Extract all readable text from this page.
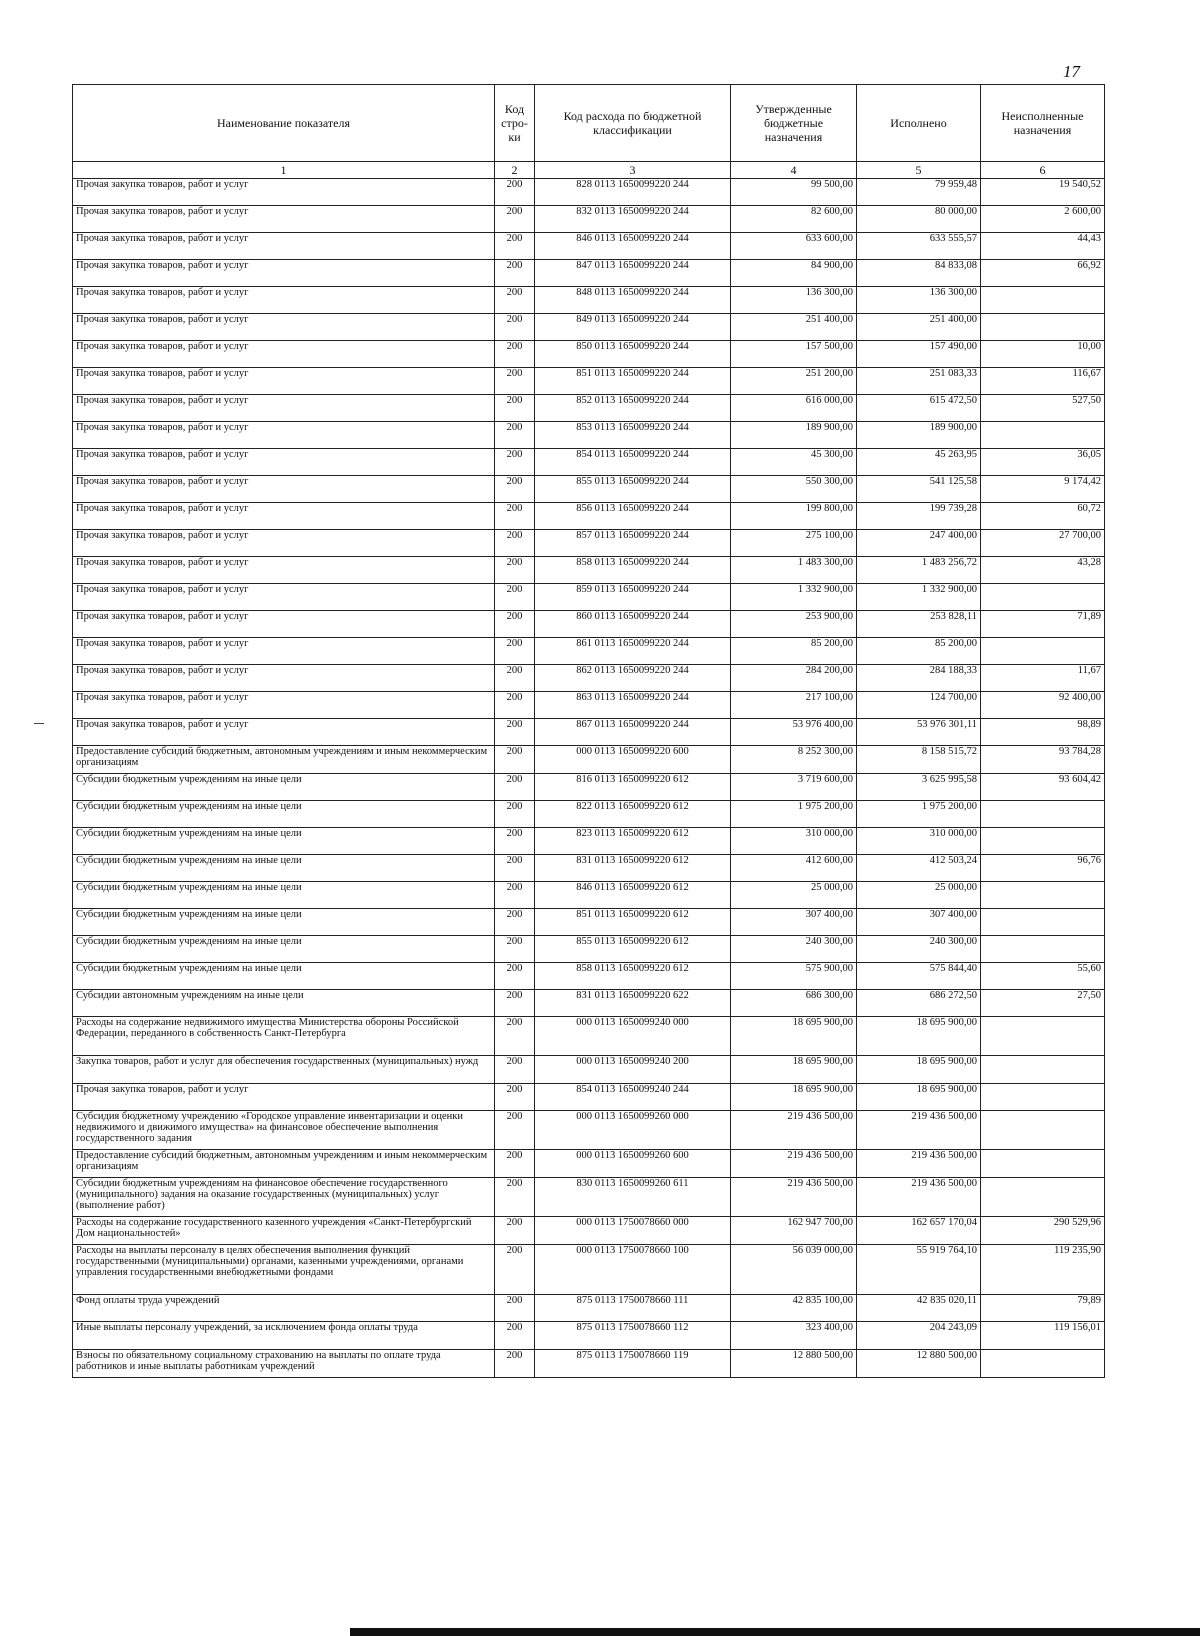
17
Наименование показателя	Код стро-ки	Код расхода по бюджетной классификации	Утвержденные бюджетные назначения	Исполнено	Неисполненные назначения
1	2	3	4	5	6
Прочая закупка товаров, работ и услуг	200	828 0113 1650099220 244	99 500,00	79 959,48	19 540,52
Прочая закупка товаров, работ и услуг	200	832 0113 1650099220 244	82 600,00	80 000,00	2 600,00
Прочая закупка товаров, работ и услуг	200	846 0113 1650099220 244	633 600,00	633 555,57	44,43
Прочая закупка товаров, работ и услуг	200	847 0113 1650099220 244	84 900,00	84 833,08	66,92
Прочая закупка товаров, работ и услуг	200	848 0113 1650099220 244	136 300,00	136 300,00	
Прочая закупка товаров, работ и услуг	200	849 0113 1650099220 244	251 400,00	251 400,00	
Прочая закупка товаров, работ и услуг	200	850 0113 1650099220 244	157 500,00	157 490,00	10,00
Прочая закупка товаров, работ и услуг	200	851 0113 1650099220 244	251 200,00	251 083,33	116,67
Прочая закупка товаров, работ и услуг	200	852 0113 1650099220 244	616 000,00	615 472,50	527,50
Прочая закупка товаров, работ и услуг	200	853 0113 1650099220 244	189 900,00	189 900,00	
Прочая закупка товаров, работ и услуг	200	854 0113 1650099220 244	45 300,00	45 263,95	36,05
Прочая закупка товаров, работ и услуг	200	855 0113 1650099220 244	550 300,00	541 125,58	9 174,42
Прочая закупка товаров, работ и услуг	200	856 0113 1650099220 244	199 800,00	199 739,28	60,72
Прочая закупка товаров, работ и услуг	200	857 0113 1650099220 244	275 100,00	247 400,00	27 700,00
Прочая закупка товаров, работ и услуг	200	858 0113 1650099220 244	1 483 300,00	1 483 256,72	43,28
Прочая закупка товаров, работ и услуг	200	859 0113 1650099220 244	1 332 900,00	1 332 900,00	
Прочая закупка товаров, работ и услуг	200	860 0113 1650099220 244	253 900,00	253 828,11	71,89
Прочая закупка товаров, работ и услуг	200	861 0113 1650099220 244	85 200,00	85 200,00	
Прочая закупка товаров, работ и услуг	200	862 0113 1650099220 244	284 200,00	284 188,33	11,67
Прочая закупка товаров, работ и услуг	200	863 0113 1650099220 244	217 100,00	124 700,00	92 400,00
Прочая закупка товаров, работ и услуг	200	867 0113 1650099220 244	53 976 400,00	53 976 301,11	98,89
Предоставление субсидий бюджетным, автономным учреждениям и иным некоммерческим организациям	200	000 0113 1650099220 600	8 252 300,00	8 158 515,72	93 784,28
Субсидии бюджетным учреждениям на иные цели	200	816 0113 1650099220 612	3 719 600,00	3 625 995,58	93 604,42
Субсидии бюджетным учреждениям на иные цели	200	822 0113 1650099220 612	1 975 200,00	1 975 200,00	
Субсидии бюджетным учреждениям на иные цели	200	823 0113 1650099220 612	310 000,00	310 000,00	
Субсидии бюджетным учреждениям на иные цели	200	831 0113 1650099220 612	412 600,00	412 503,24	96,76
Субсидии бюджетным учреждениям на иные цели	200	846 0113 1650099220 612	25 000,00	25 000,00	
Субсидии бюджетным учреждениям на иные цели	200	851 0113 1650099220 612	307 400,00	307 400,00	
Субсидии бюджетным учреждениям на иные цели	200	855 0113 1650099220 612	240 300,00	240 300,00	
Субсидии бюджетным учреждениям на иные цели	200	858 0113 1650099220 612	575 900,00	575 844,40	55,60
Субсидии автономным учреждениям на иные цели	200	831 0113 1650099220 622	686 300,00	686 272,50	27,50
Расходы на содержание недвижимого имущества Министерства обороны Российской Федерации, переданного в собственность Санкт-Петербурга	200	000 0113 1650099240 000	18 695 900,00	18 695 900,00	
Закупка товаров, работ и услуг для обеспечения государственных (муниципальных) нужд	200	000 0113 1650099240 200	18 695 900,00	18 695 900,00	
Прочая закупка товаров, работ и услуг	200	854 0113 1650099240 244	18 695 900,00	18 695 900,00	
Субсидия бюджетному учреждению «Городское управление инвентаризации и оценки недвижимого и движимого имущества» на финансовое обеспечение выполнения государственного задания	200	000 0113 1650099260 000	219 436 500,00	219 436 500,00	
Предоставление субсидий бюджетным, автономным учреждениям и иным некоммерческим организациям	200	000 0113 1650099260 600	219 436 500,00	219 436 500,00	
Субсидии бюджетным учреждениям на финансовое обеспечение государственного (муниципального) задания на оказание государственных (муниципальных) услуг (выполнение работ)	200	830 0113 1650099260 611	219 436 500,00	219 436 500,00	
Расходы на содержание государственного казенного учреждения «Санкт-Петербургский Дом национальностей»	200	000 0113 1750078660 000	162 947 700,00	162 657 170,04	290 529,96
Расходы на выплаты персоналу в целях обеспечения выполнения функций государственными (муниципальными) органами, казенными учреждениями, органами управления государственными внебюджетными фондами	200	000 0113 1750078660 100	56 039 000,00	55 919 764,10	119 235,90
Фонд оплаты труда учреждений	200	875 0113 1750078660 111	42 835 100,00	42 835 020,11	79,89
Иные выплаты персоналу учреждений, за исключением фонда оплаты труда	200	875 0113 1750078660 112	323 400,00	204 243,09	119 156,01
Взносы по обязательному социальному страхованию на выплаты по оплате труда работников и иные выплаты работникам учреждений	200	875 0113 1750078660 119	12 880 500,00	12 880 500,00	
